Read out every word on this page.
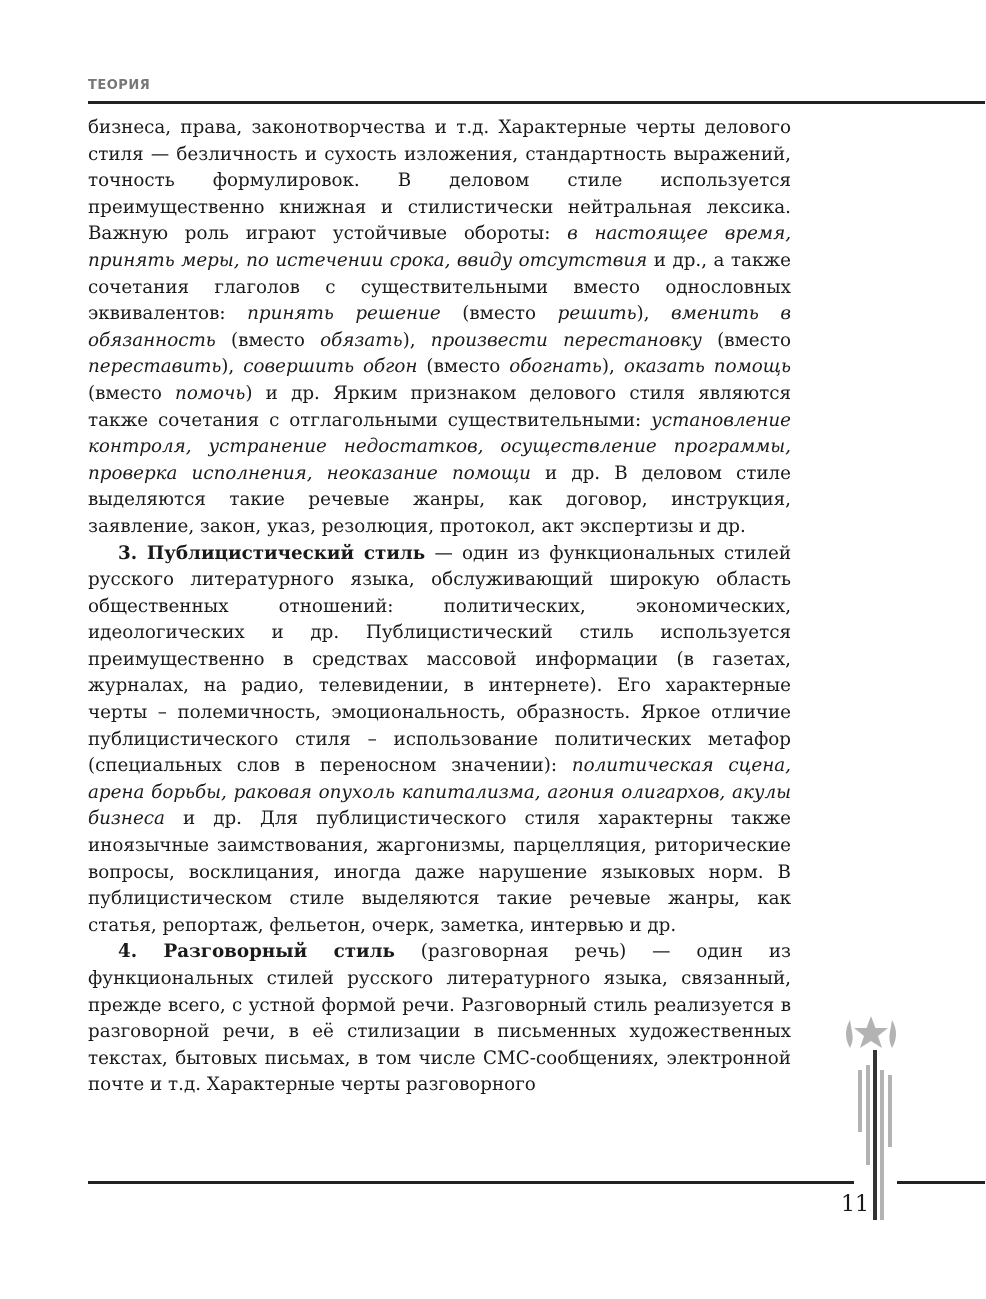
ТЕОРИЯ

бизнеса, права, законотворчества и т.д. Характерные черты делового стиля — безличность и сухость изложения, стандартность выражений, точность формулировок. В деловом стиле используется преимущественно книжная и стилистически нейтральная лексика. Важную роль играют устойчивые обороты: в настоящее время, принять меры, по истечении срока, ввиду отсутствия и др., а также сочетания глаголов с существительными вместо однословных эквивалентов: принять решение (вместо решить), вменить в обязанность (вместо обязать), произвести перестановку (вместо переставить), совершить обгон (вместо обогнать), оказать помощь (вместо помочь) и др. Ярким признаком делового стиля являются также сочетания с отглагольными существительными: установление контроля, устранение недостатков, осуществление программы, проверка исполнения, неоказание помощи и др. В деловом стиле выделяются такие речевые жанры, как договор, инструкция, заявление, закон, указ, резолюция, протокол, акт экспертизы и др.

3. Публицистический стиль — один из функциональных стилей русского литературного языка, обслуживающий широкую область общественных отношений: политических, экономических, идеологических и др. Публицистический стиль используется преимущественно в средствах массовой информации (в газетах, журналах, на радио, телевидении, в интернете). Его характерные черты – полемичность, эмоциональность, образность. Яркое отличие публицистического стиля – использование политических метафор (специальных слов в переносном значении): политическая сцена, арена борьбы, раковая опухоль капитализма, агония олигархов, акулы бизнеса и др. Для публицистического стиля характерны также иноязычные заимствования, жаргонизмы, парцелляция, риторические вопросы, восклицания, иногда даже нарушение языковых норм. В публицистическом стиле выделяются такие речевые жанры, как статья, репортаж, фельетон, очерк, заметка, интервью и др.

4. Разговорный стиль (разговорная речь) — один из функциональных стилей русского литературного языка, связанный, прежде всего, с устной формой речи. Разговорный стиль реализуется в разговорной речи, в её стилизации в письменных художественных текстах, бытовых письмах, в том числе СМС-сообщениях, электронной почте и т.д. Характерные черты разговорного

11
